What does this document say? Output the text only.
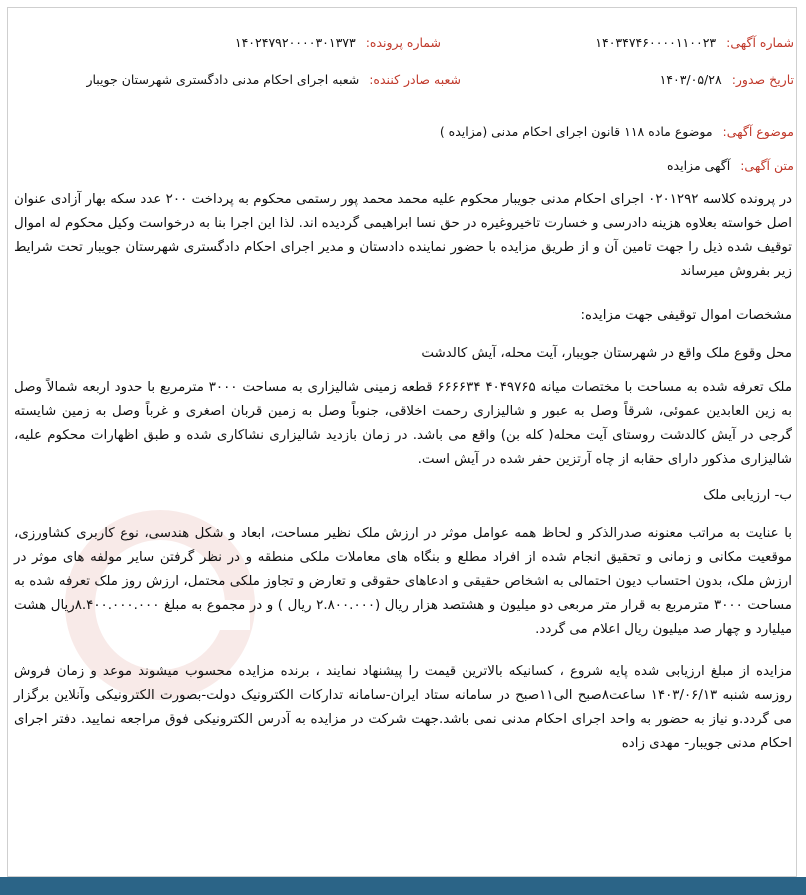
شماره آگهی: ۱۴۰۳۴۷۴۶۰۰۰۰۱۱۰۰۲۳
شماره پرونده: ۱۴۰۲۴۷۹۲۰۰۰۰۳۰۱۳۷۳
تاریخ صدور: ۱۴۰۳/۰۵/۲۸
شعبه صادر کننده: شعبه اجرای احکام مدنی دادگستری شهرستان جویبار
موضوع آگهی: موضوع ماده ۱۱۸ قانون اجرای احکام مدنی (مزایده )
متن آگهی: آگهی مزایده
در پرونده کلاسه ۰۲۰۱۲۹۲ اجرای احکام مدنی جویبار محکوم علیه محمد محمد پور رستمی محکوم به پرداخت ۲۰۰ عدد سکه بهار آزادی عنوان اصل خواسته بعلاوه هزینه دادرسی و خسارت تاخیروغیره در حق نسا ابراهیمی گردیده اند. لذا این اجرا بنا به درخواست وکیل محکوم له اموال توقیف شده ذیل را جهت تامین آن و از طریق مزایده با حضور نماینده دادستان و مدیر اجرای احکام دادگستری شهرستان جویبار تحت شرایط زیر بفروش میرساند
مشخصات اموال توقیفی جهت مزایده:
محل وقوع ملک واقع در شهرستان جویبار، آیت محله، آیش کالدشت
ملک تعرفه شده به مساحت با مختصات میانه ۴۰۴۹۷۶۵ ۶۶۶۶۳۴ قطعه زمینی شالیزاری به مساحت ۳۰۰۰ مترمربع با حدود اربعه شمالاً وصل به زین العابدین عموئی، شرقاً وصل به عبور و شالیزاری رحمت اخلاقی، جنوباً وصل به زمین قربان اصغری و غرباً وصل به زمین شایسته گرجی در آیش کالدشت روستای آیت محله( کله بن) واقع می باشد. در زمان بازدید شالیزاری نشاکاری شده و طبق اظهارات محکوم علیه، شالیزاری مذکور دارای حقابه از چاه آرتزین حفر شده در آیش است.
ب- ارزیابی ملک
با عنایت به مراتب معنونه صدرالذکر و لحاظ همه عوامل موثر در ارزش ملک نظیر مساحت، ابعاد و شکل هندسی، نوع کاربری کشاورزی، موقعیت مکانی و زمانی و تحقیق انجام شده از افراد مطلع و بنگاه های معاملات ملکی منطقه و در نظر گرفتن سایر مولفه های موثر در ارزش ملک، بدون احتساب دیون احتمالی به اشخاص حقیقی و ادعاهای حقوقی و تعارض و تجاوز ملکی محتمل، ارزش روز ملک تعرفه شده به مساحت ۳۰۰۰ مترمربع به قرار متر مربعی دو میلیون و هشتصد هزار ریال (۲.۸۰۰.۰۰۰ ریال ) و در مجموع به مبلغ ۸.۴۰۰.۰۰۰.۰۰۰ریال هشت میلیارد و چهار صد میلیون ریال اعلام می گردد.
مزایده از مبلغ ارزیابی شده پایه شروع ، کسانیکه بالاترین قیمت را پیشنهاد نمایند ، برنده مزایده محسوب میشوند موعد و زمان فروش روزسه شنبه ۱۴۰۳/۰۶/۱۳ ساعت۸صبح الی۱۱صبح در سامانه ستاد ایران-سامانه تدارکات الکترونیک دولت-بصورت الکترونیکی وآنلاین برگزار می گردد.و نیاز به حضور به واحد اجرای احکام مدنی نمی باشد.جهت شرکت در مزایده به آدرس الکترونیکی فوق مراجعه نمایید. دفتر اجرای احکام مدنی جویبار- مهدی زاده
